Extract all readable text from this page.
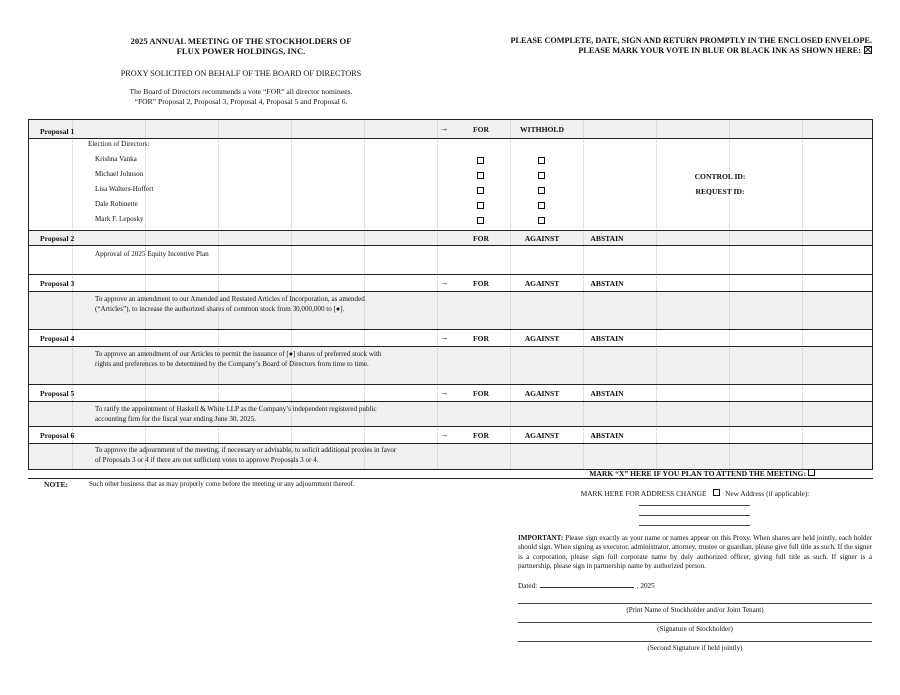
2025 ANNUAL MEETING OF THE STOCKHOLDERS OF
FLUX POWER HOLDINGS, INC.
PROXY SOLICITED ON BEHALF OF THE BOARD OF DIRECTORS
The Board of Directors recommends a vote “FOR” all director nominees.
“FOR” Proposal 2, Proposal 3, Proposal 4, Proposal 5 and Proposal 6.
PLEASE COMPLETE, DATE, SIGN AND RETURN PROMPTLY IN THE ENCLOSED ENVELOPE.
PLEASE MARK YOUR VOTE IN BLUE OR BLACK INK AS SHOWN HERE:
Proposal 1	→	FOR	WITHHOLD
Election of Directors:
Krishna Vanka
Michael Johnson
Lisa Walters-Hoffert
Dale Robinette
Mark F. Leposky
CONTROL ID:
REQUEST ID:
Proposal 2	FOR	AGAINST	ABSTAIN
Approval of 2025 Equity Incentive Plan
Proposal 3	→	FOR	AGAINST	ABSTAIN
To approve an amendment to our Amended and Restated Articles of Incorporation, as amended
(“Articles”), to increase the authorized shares of common stock from 30,000,000 to [●].
Proposal 4	→	FOR	AGAINST	ABSTAIN
To approve an amendment of our Articles to permit the issuance of [●] shares of preferred stock with
rights and preferences to be determined by the Company’s Board of Directors from time to time.
Proposal 5	→	FOR	AGAINST	ABSTAIN
To ratify the appointment of Haskell & White LLP as the Company’s independent registered public
accounting firm for the fiscal year ending June 30, 2025.
Proposal 6	→	FOR	AGAINST	ABSTAIN
To approve the adjournment of the meeting, if necessary or advisable, to solicit additional proxies in favor
of Proposals 3 or 4 if there are not sufficient votes to approve Proposals 3 or 4.
MARK “X” HERE IF YOU PLAN TO ATTEND THE MEETING:
NOTE:	Such other business that as may properly come before the meeting or any adjournment thereof.
MARK HERE FOR ADDRESS CHANGE	New Address (if applicable):
IMPORTANT: Please sign exactly as your name or names appear on this Proxy. When shares are held jointly, each holder should sign. When signing as executor, administrator, attorney, trustee or guardian, please give full title as such. If the signer is a corporation, please sign full corporate name by duly authorized officer, giving full title as such. If signer is a partnership, please sign in partnership name by authorized person.
Dated:	, 2025
(Print Name of Stockholder and/or Joint Tenant)
(Signature of Stockholder)
(Second Signature if held jointly)
